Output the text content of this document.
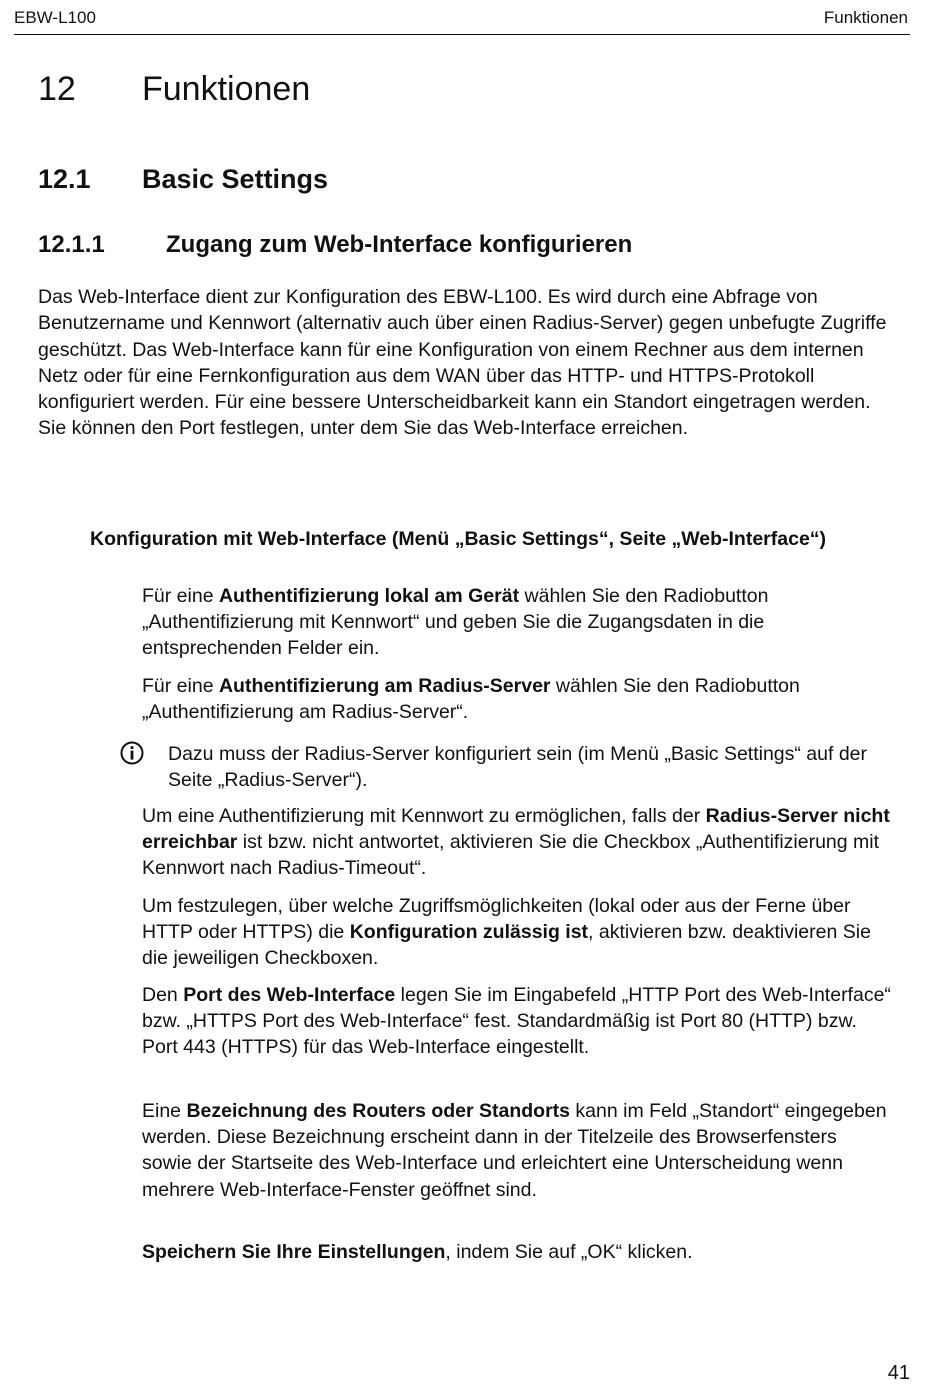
EBW-L100	Funktionen
12 Funktionen
12.1 Basic Settings
12.1.1	Zugang zum Web-Interface konfigurieren

Das Web-Interface dient zur Konfiguration des EBW-L100. Es wird durch eine Abfrage von Benutzername und Kennwort (alternativ auch über einen Radius-Server) gegen unbefugte Zugriffe geschützt. Das Web-Interface kann für eine Konfiguration von einem Rechner aus dem internen Netz oder für eine Fernkonfiguration aus dem WAN über das HTTP- und HTTPS-Protokoll konfiguriert werden. Für eine bessere Unterscheidbarkeit kann ein Standort eingetragen werden. Sie können den Port festlegen, unter dem Sie das Web-Interface erreichen.

Konfiguration mit Web-Interface (Menü „Basic Settings“, Seite „Web-Interface“)

Für eine Authentifizierung lokal am Gerät wählen Sie den Radiobutton „Authentifizierung mit Kennwort“ und geben Sie die Zugangsdaten in die entsprechenden Felder ein.

Für eine Authentifizierung am Radius-Server wählen Sie den Radiobutton „Authentifizierung am Radius-Server“.

Dazu muss der Radius-Server konfiguriert sein (im Menü „Basic Settings“ auf der Seite „Radius-Server“).

Um eine Authentifizierung mit Kennwort zu ermöglichen, falls der Radius-Server nicht erreichbar ist bzw. nicht antwortet, aktivieren Sie die Checkbox „Authentifizierung mit Kennwort nach Radius-Timeout“.

Um festzulegen, über welche Zugriffsmöglichkeiten (lokal oder aus der Ferne über HTTP oder HTTPS) die Konfiguration zulässig ist, aktivieren bzw. deaktivieren Sie die jeweiligen Checkboxen.

Den Port des Web-Interface legen Sie im Eingabefeld „HTTP Port des Web-Interface“ bzw. „HTTPS Port des Web-Interface“ fest. Standardmäßig ist Port 80 (HTTP) bzw. Port 443 (HTTPS) für das Web-Interface eingestellt.

Eine Bezeichnung des Routers oder Standorts kann im Feld „Standort“ eingegeben werden. Diese Bezeichnung erscheint dann in der Titelzeile des Browserfensters sowie der Startseite des Web-Interface und erleichtert eine Unterscheidung wenn mehrere Web-Interface-Fenster geöffnet sind.

Speichern Sie Ihre Einstellungen, indem Sie auf „OK“ klicken.

41
